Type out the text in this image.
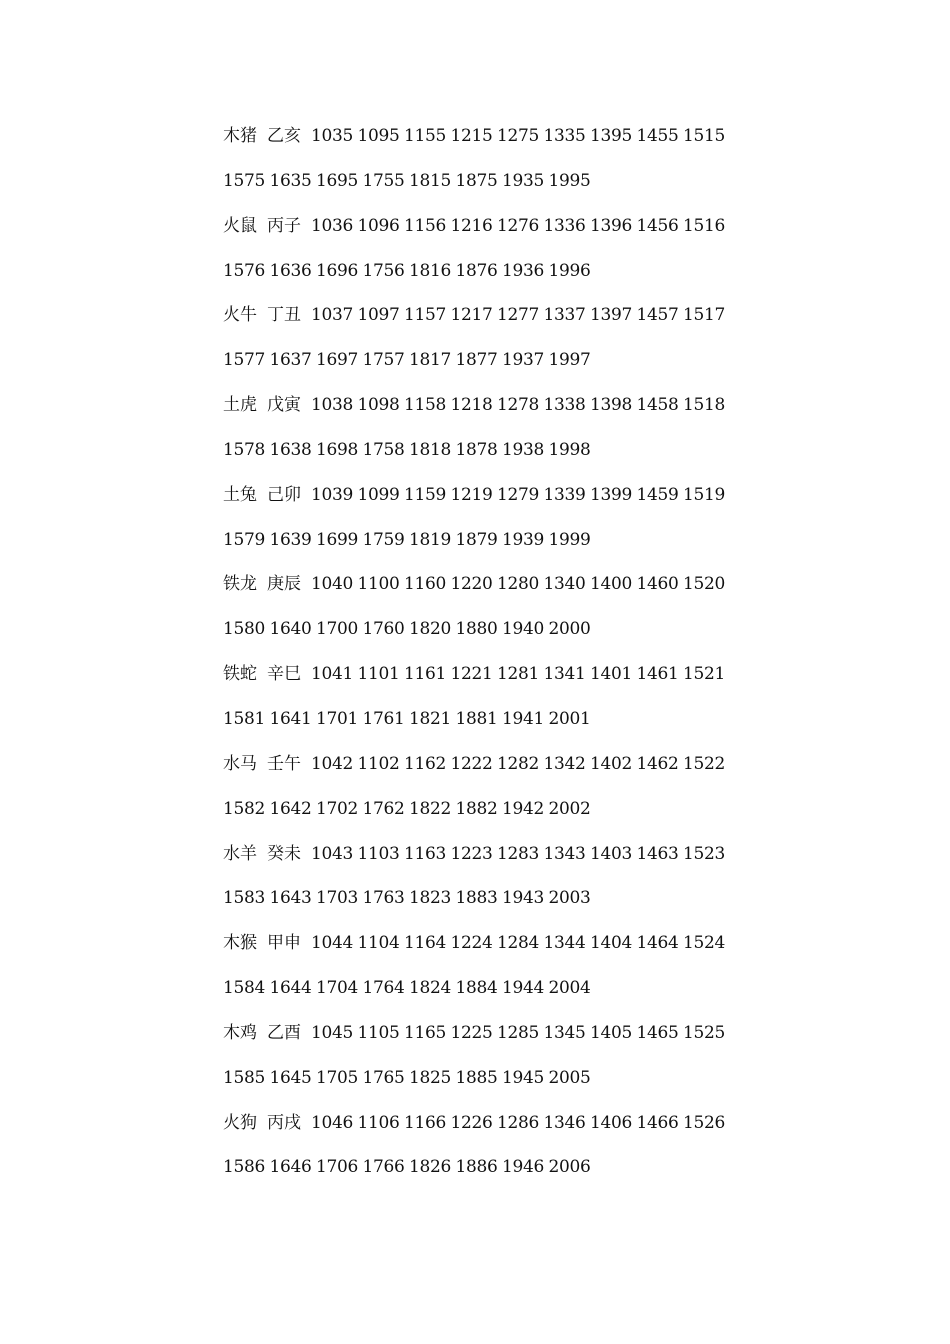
木猪 乙亥 1035 1095 1155 1215 1275 1335 1395 1455 1515
1575 1635 1695 1755 1815 1875 1935 1995
火鼠 丙子 1036 1096 1156 1216 1276 1336 1396 1456 1516
1576 1636 1696 1756 1816 1876 1936 1996
火牛 丁丑 1037 1097 1157 1217 1277 1337 1397 1457 1517
1577 1637 1697 1757 1817 1877 1937 1997
土虎 戊寅 1038 1098 1158 1218 1278 1338 1398 1458 1518
1578 1638 1698 1758 1818 1878 1938 1998
土兔 己卯 1039 1099 1159 1219 1279 1339 1399 1459 1519
1579 1639 1699 1759 1819 1879 1939 1999
铁龙 庚辰 1040 1100 1160 1220 1280 1340 1400 1460 1520
1580 1640 1700 1760 1820 1880 1940 2000
铁蛇 辛巳 1041 1101 1161 1221 1281 1341 1401 1461 1521
1581 1641 1701 1761 1821 1881 1941 2001
水马 壬午 1042 1102 1162 1222 1282 1342 1402 1462 1522
1582 1642 1702 1762 1822 1882 1942 2002
水羊 癸未 1043 1103 1163 1223 1283 1343 1403 1463 1523
1583 1643 1703 1763 1823 1883 1943 2003
木猴 甲申 1044 1104 1164 1224 1284 1344 1404 1464 1524
1584 1644 1704 1764 1824 1884 1944 2004
木鸡 乙酉 1045 1105 1165 1225 1285 1345 1405 1465 1525
1585 1645 1705 1765 1825 1885 1945 2005
火狗 丙戌 1046 1106 1166 1226 1286 1346 1406 1466 1526
1586 1646 1706 1766 1826 1886 1946 2006
